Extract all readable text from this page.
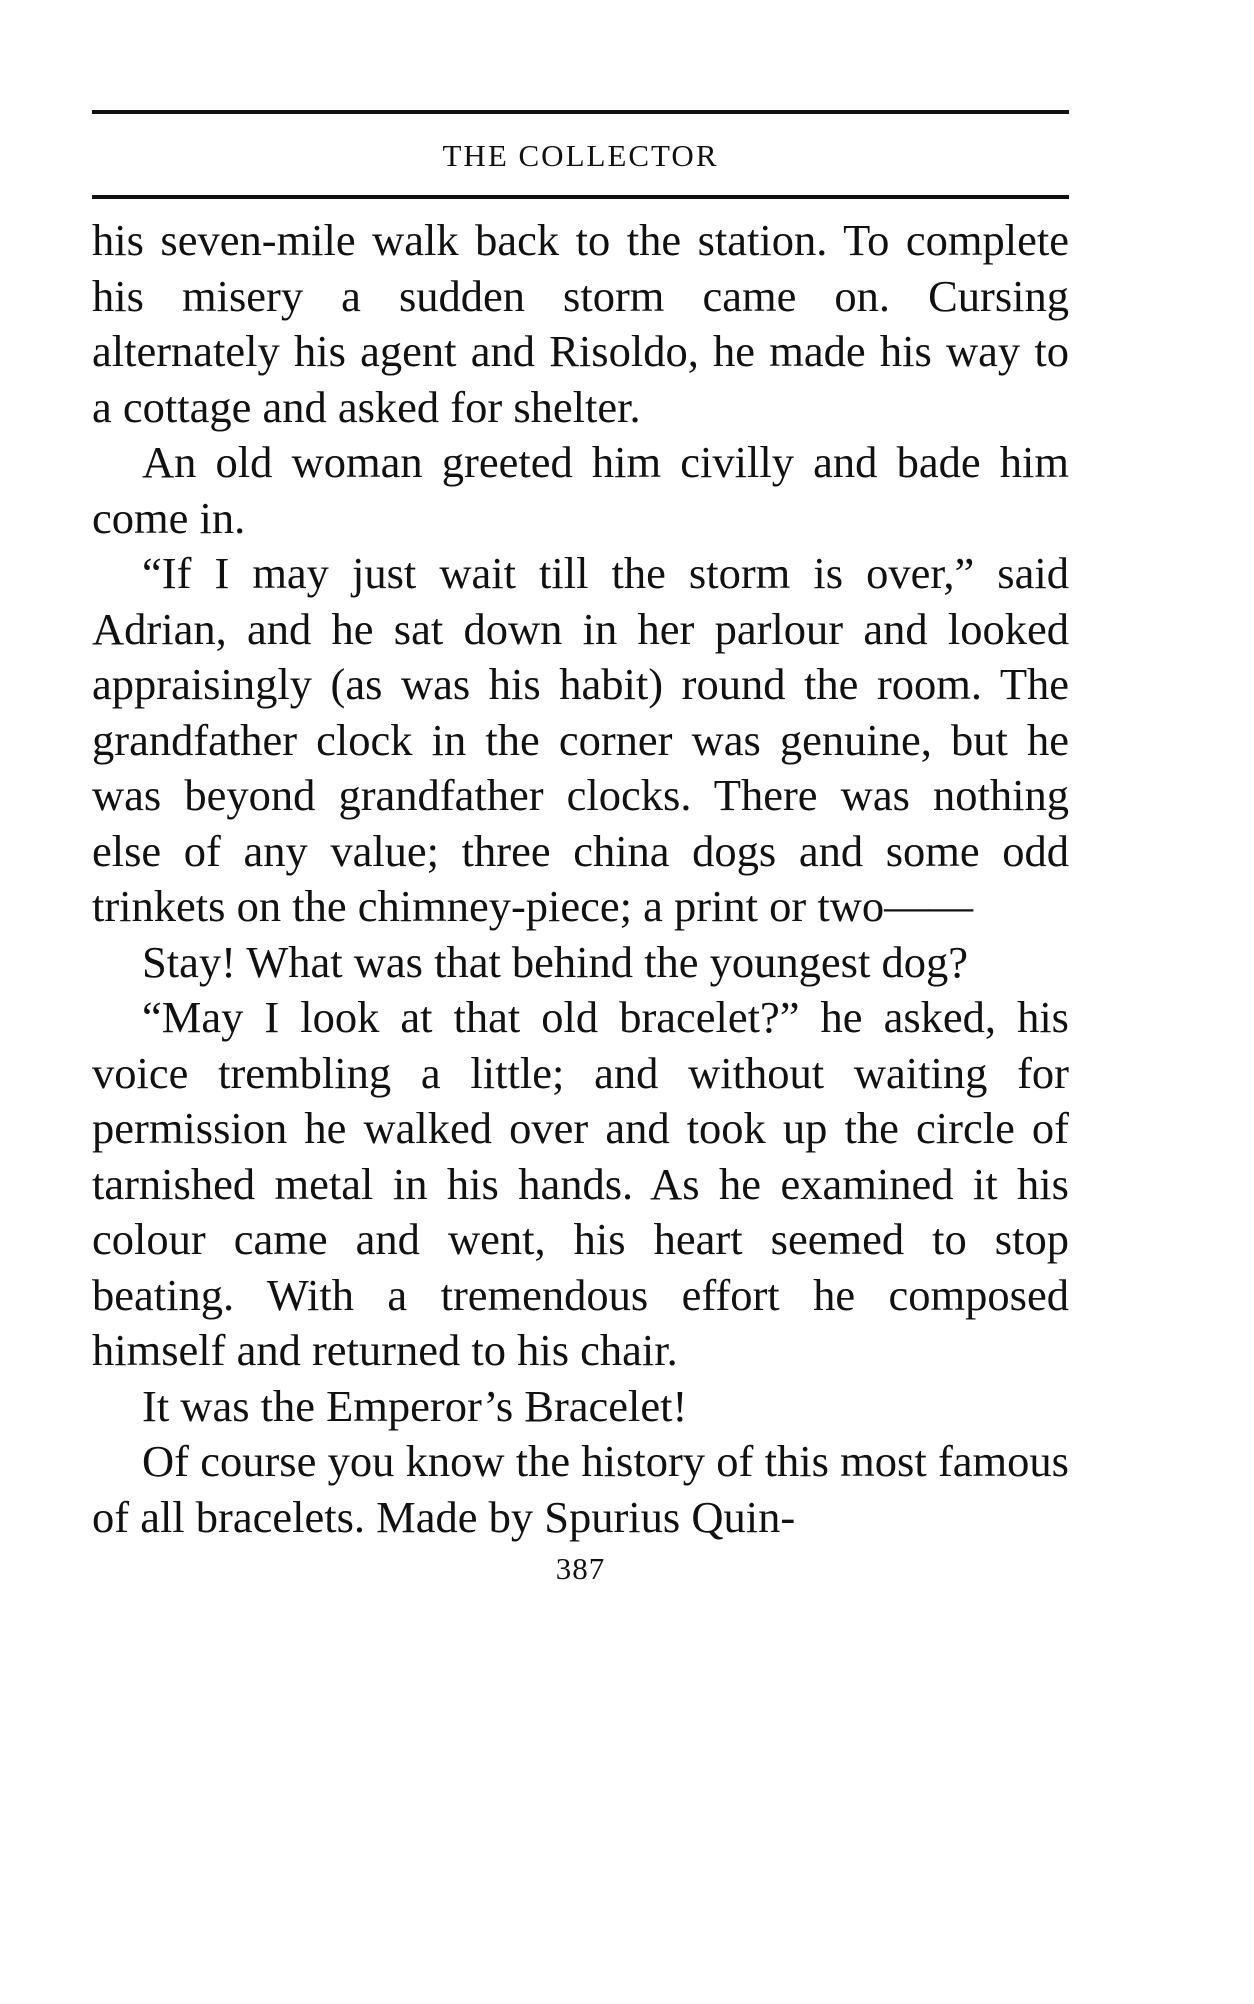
THE COLLECTOR

his seven-mile walk back to the station. To complete his misery a sudden storm came on. Cursing alternately his agent and Risoldo, he made his way to a cottage and asked for shelter.

An old woman greeted him civilly and bade him come in.

“If I may just wait till the storm is over,” said Adrian, and he sat down in her parlour and looked appraisingly (as was his habit) round the room. The grandfather clock in the corner was genuine, but he was beyond grandfather clocks. There was nothing else of any value; three china dogs and some odd trinkets on the chimney-piece; a print or two——

Stay! What was that behind the youngest dog?

“May I look at that old bracelet?” he asked, his voice trembling a little; and without waiting for permission he walked over and took up the circle of tarnished metal in his hands. As he examined it his colour came and went, his heart seemed to stop beating. With a tremendous effort he composed himself and returned to his chair.

It was the Emperor’s Bracelet!

Of course you know the history of this most famous of all bracelets. Made by Spurius Quin-

387
